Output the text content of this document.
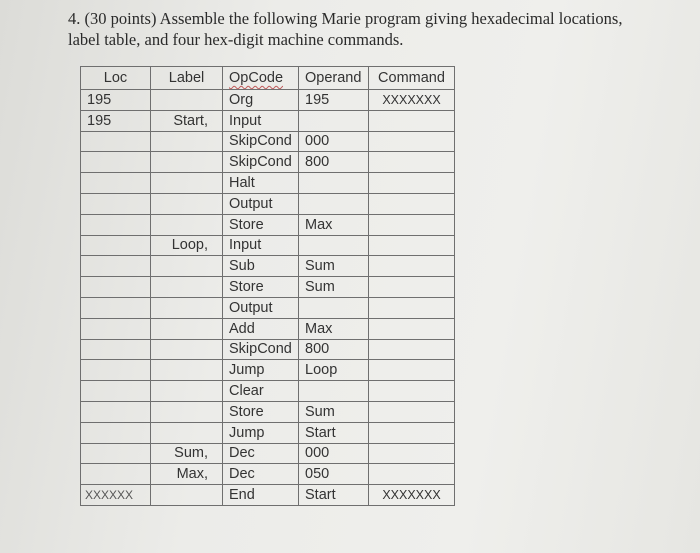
4. (30 points) Assemble the following Marie program giving hexadecimal locations,
label table, and four hex-digit machine commands.
Loc	Label	OpCode	Operand	Command
195		Org	195	XXXXXXX
195	Start,	Input		
		SkipCond	000	
		SkipCond	800	
		Halt		
		Output		
		Store	Max	
	Loop,	Input		
		Sub	Sum	
		Store	Sum	
		Output		
		Add	Max	
		SkipCond	800	
		Jump	Loop	
		Clear		
		Store	Sum	
		Jump	Start	
	Sum,	Dec	000	
	Max,	Dec	050	
XXXXXX		End	Start	XXXXXXX
